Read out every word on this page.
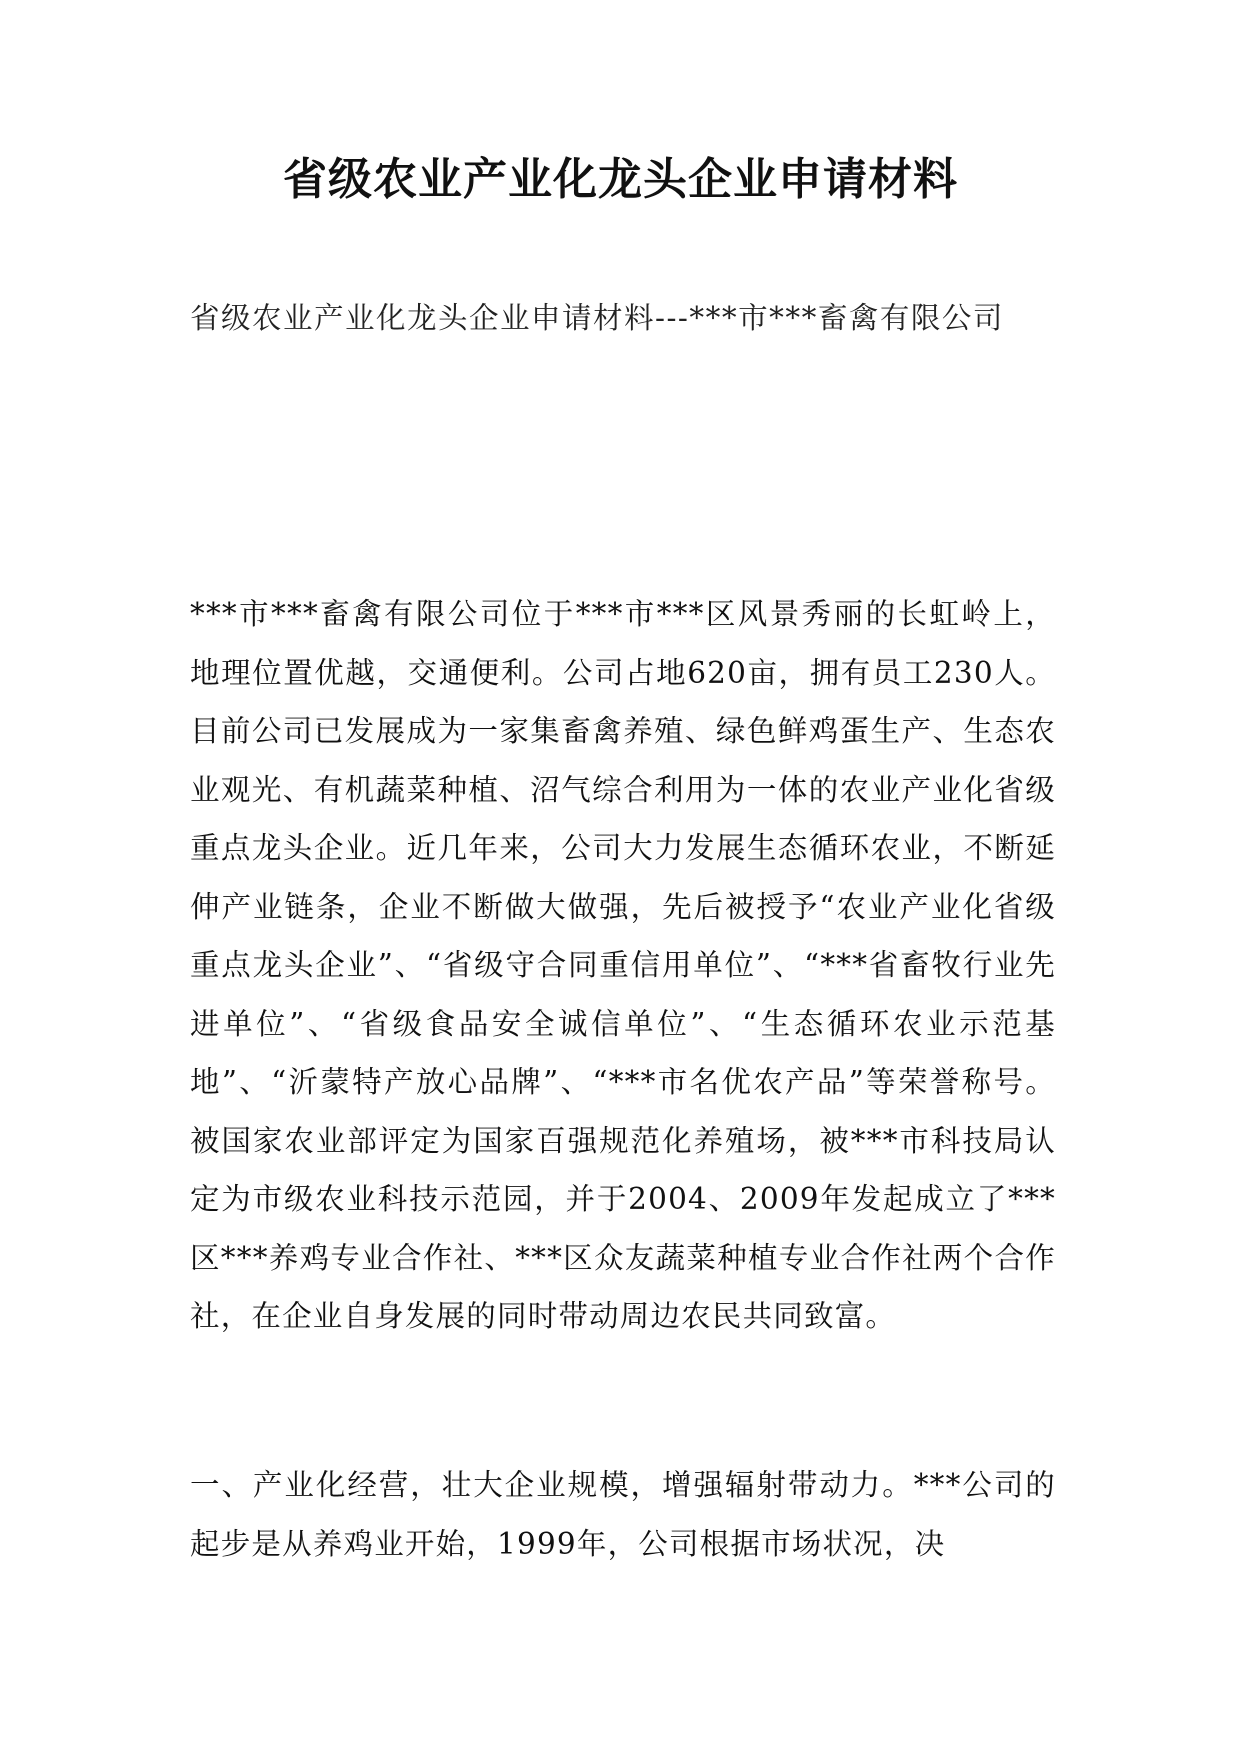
省级农业产业化龙头企业申请材料

省级农业产业化龙头企业申请材料---***市***畜禽有限公司

***市***畜禽有限公司位于***市***区风景秀丽的长虹岭上，地理位置优越，交通便利。公司占地620亩，拥有员工230人。目前公司已发展成为一家集畜禽养殖、绿色鲜鸡蛋生产、生态农业观光、有机蔬菜种植、沼气综合利用为一体的农业产业化省级重点龙头企业。近几年来，公司大力发展生态循环农业，不断延伸产业链条，企业不断做大做强，先后被授予“农业产业化省级重点龙头企业”、“省级守合同重信用单位”、“***省畜牧行业先进单位”、“省级食品安全诚信单位”、“生态循环农业示范基地”、“沂蒙特产放心品牌”、“***市名优农产品”等荣誉称号。被国家农业部评定为国家百强规范化养殖场，被***市科技局认定为市级农业科技示范园，并于2004、2009年发起成立了***区***养鸡专业合作社、***区众友蔬菜种植专业合作社两个合作社，在企业自身发展的同时带动周边农民共同致富。

一、产业化经营，壮大企业规模，增强辐射带动力。***公司的起步是从养鸡业开始，1999年，公司根据市场状况，决
